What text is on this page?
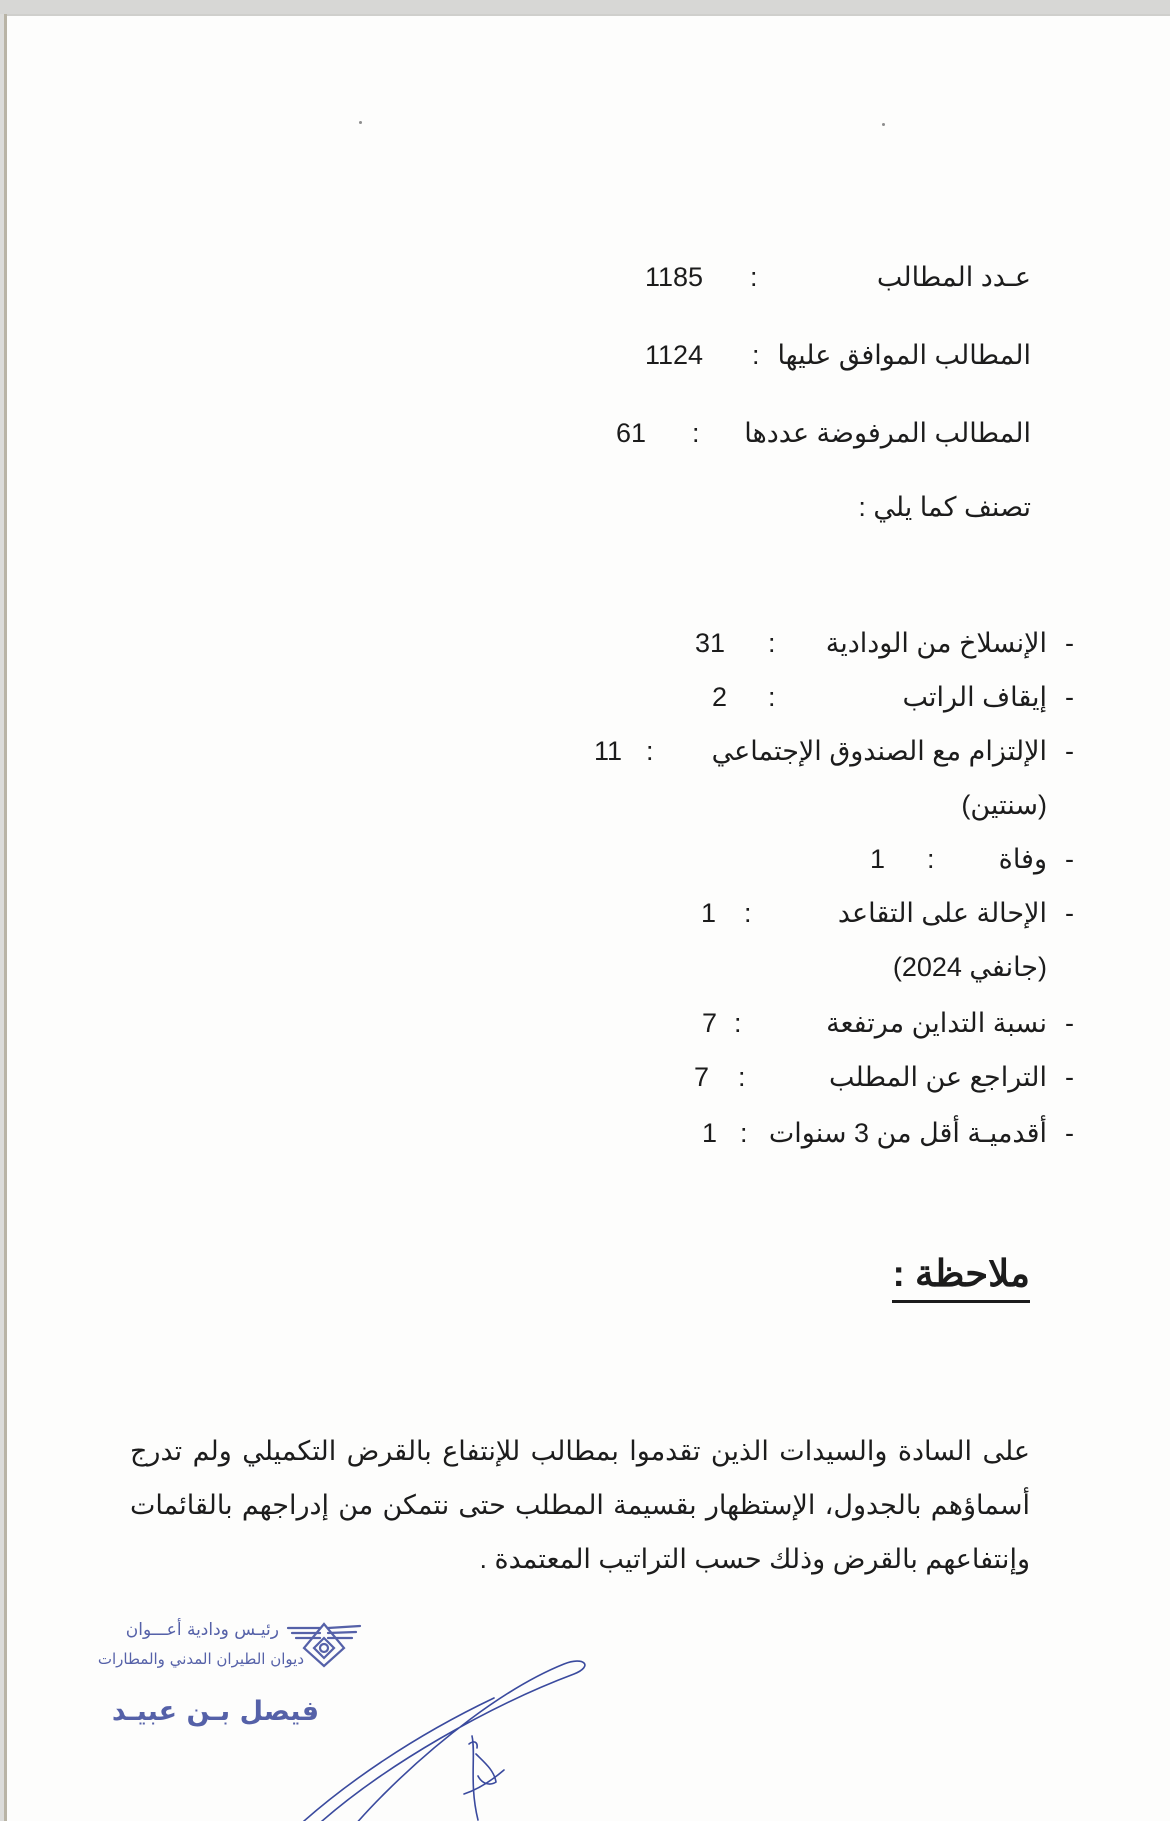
عـدد المطالب
:
1185
المطالب الموافق عليها
:
1124
المطالب المرفوضة عددها
:
61
تصنف كما يلي :
-
الإنسلاخ من الودادية
:
31
-
إيقاف الراتب
:
2
-
الإلتزام مع الصندوق الإجتماعي
:
11
(سنتين)
-
وفاة
:
1
-
الإحالة على التقاعد
:
1
(جانفي 2024)
-
نسبة التداين مرتفعة
:
7
-
التراجع عن المطلب
:
7
-
أقدميـة أقل من 3 سنوات
:
1
ملاحظة :
على السادة والسيدات الذين تقدموا بمطالب للإنتفاع بالقرض التكميلي ولم تدرج أسماؤهم بالجدول، الإستظهار بقسيمة المطلب حتى نتمكن من إدراجهم بالقائمات وإنتفاعهم بالقرض وذلك حسب التراتيب المعتمدة .
رئيـس ودادية أعـــوان
ديوان الطيران المدني والمطارات
فيصل بـن عبيـد
